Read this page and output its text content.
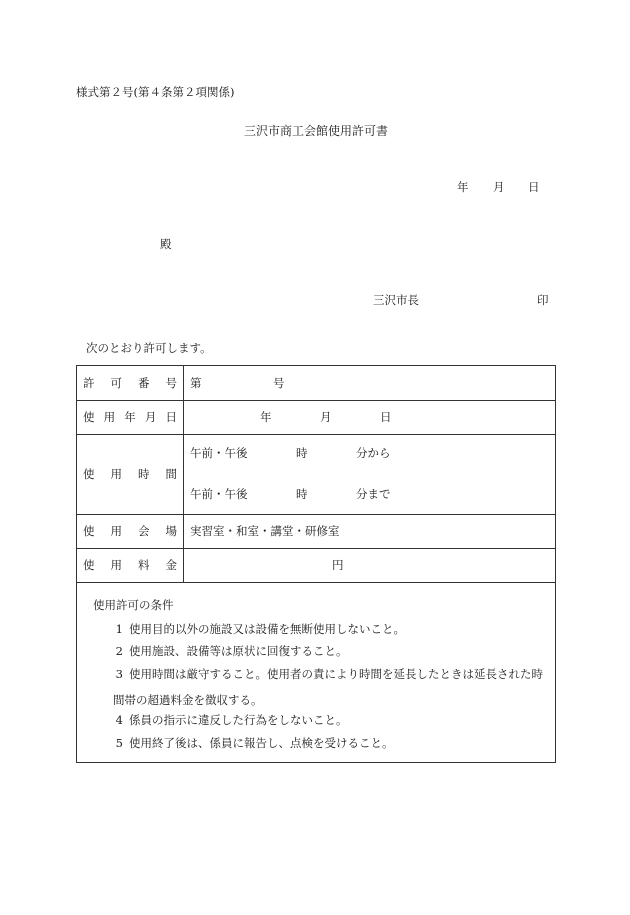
様式第２号(第４条第２項関係)
三沢市商工会館使用許可書
年 月 日
殿
三沢市長	印
次のとおり許可します。
許 可 番 号 第	号
使 用 年 月 日	年	月	日
使 用 時 間
午前・午後	時	分から
午前・午後	時	分まで
使 用 会 場 実習室・和室・講堂・研修室
使 用 料 金	円
使用許可の条件
1 使用目的以外の施設又は設備を無断使用しないこと。
2 使用施設、設備等は原状に回復すること。
3 使用時間は厳守すること。使用者の責により時間を延長したときは延長された時
間帯の超過料金を徴収する。
4 係員の指示に違反した行為をしないこと。
5 使用終了後は、係員に報告し、点検を受けること。
